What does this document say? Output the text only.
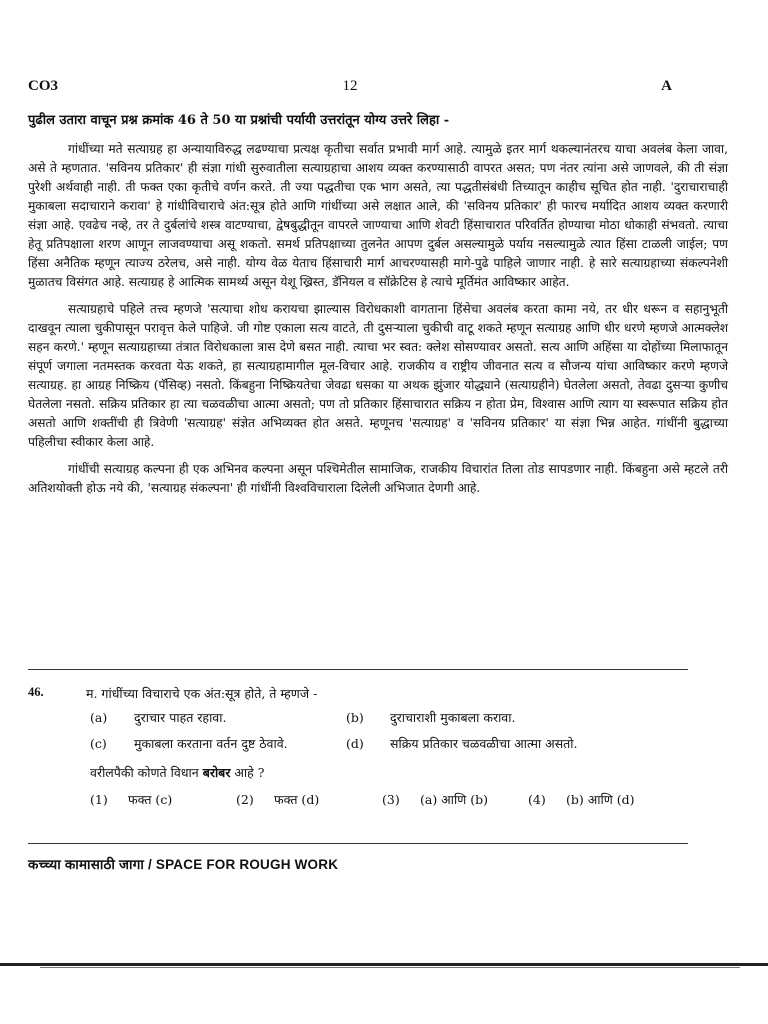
CO3	12	A
पुढील उतारा वाचून प्रश्न क्रमांक 46 ते 50 या प्रश्नांची पर्यायी उत्तरांतून योग्य उत्तरे लिहा -

गांधींच्या मते सत्याग्रह हा अन्यायाविरुद्ध लढण्याचा प्रत्यक्ष कृतीचा सर्वात प्रभावी मार्ग आहे. त्यामुळे इतर मार्ग थकल्यानंतरच याचा अवलंब केला जावा, असे ते म्हणतात. 'सविनय प्रतिकार' ही संज्ञा गांधी सुरुवातीला सत्याग्रहाचा आशय व्यक्त करण्यासाठी वापरत असत; पण नंतर त्यांना असे जाणवले, की ती संज्ञा पुरेशी अर्थवाही नाही. ती फक्त एका कृतीचे वर्णन करते. ती ज्या पद्धतीचा एक भाग असते, त्या पद्धतीसंबंधी तिच्यातून काहीच सूचित होत नाही. 'दुराचाराचाही मुकाबला सदाचाराने करावा' हे गांधीविचाराचे अंत:सूत्र होते आणि गांधींच्या असे लक्षात आले, की 'सविनय प्रतिकार' ही फारच मर्यादित आशय व्यक्त करणारी संज्ञा आहे. एवढेच नव्हे, तर ते दुर्बलांचे शस्त्र वाटण्याचा, द्वेषबुद्धीतून वापरले जाण्याचा आणि शेवटी हिंसाचारात परिवर्तित होण्याचा मोठा धोकाही संभवतो. त्याचा हेतू प्रतिपक्षाला शरण आणून लाजवण्याचा असू शकतो. समर्थ प्रतिपक्षाच्या तुलनेत आपण दुर्बल असल्यामुळे पर्याय नसल्यामुळे त्यात हिंसा टाळली जाईल; पण हिंसा अनैतिक म्हणून त्याज्य ठरेलच, असे नाही. योग्य वेळ येताच हिंसाचारी मार्ग आचरण्यासही मागे-पुढे पाहिले जाणार नाही. हे सारे सत्याग्रहाच्या संकल्पनेशी मुळातच विसंगत आहे. सत्याग्रह हे आत्मिक सामर्थ्य असून येशू ख्रिस्त, डॅनियल व सॉक्रेटिस हे त्याचे मूर्तिमंत आविष्कार आहेत.

सत्याग्रहाचे पहिले तत्त्व म्हणजे 'सत्याचा शोध करायचा झाल्यास विरोधकाशी वागताना हिंसेचा अवलंब करता कामा नये, तर धीर धरून व सहानुभूती दाखवून त्याला चुकीपासून परावृत्त केले पाहिजे. जी गोष्ट एकाला सत्य वाटते, ती दुसऱ्याला चुकीची वाटू शकते म्हणून सत्याग्रह आणि धीर धरणे म्हणजे आत्मक्लेश सहन करणे.' म्हणून सत्याग्रहाच्या तंत्रात विरोधकाला त्रास देणे बसत नाही. त्याचा भर स्वत: क्लेश सोसण्यावर असतो. सत्य आणि अहिंसा या दोहोंच्या मिलाफातून संपूर्ण जगाला नतमस्तक करवता येऊ शकते, हा सत्याग्रहामागील मूल-विचार आहे. राजकीय व राष्ट्रीय जीवनात सत्य व सौजन्य यांचा आविष्कार करणे म्हणजे सत्याग्रह. हा आग्रह निष्क्रिय (पॅसिव्ह) नसतो. किंबहुना निष्क्रियतेचा जेवढा धसका या अथक झुंजार योद्ध्याने (सत्याग्रहीने) घेतलेला असतो, तेवढा दुसऱ्या कुणीच घेतलेला नसतो. सक्रिय प्रतिकार हा त्या चळवळीचा आत्मा असतो; पण तो प्रतिकार हिंसाचारात सक्रिय न होता प्रेम, विश्वास आणि त्याग या स्वरूपात सक्रिय होत असतो आणि शक्तींची ही त्रिवेणी 'सत्याग्रह' संज्ञेत अभिव्यक्त होत असते. म्हणूनच 'सत्याग्रह' व 'सविनय प्रतिकार' या संज्ञा भिन्न आहेत. गांधींनी बुद्धाच्या पहिलीचा स्वीकार केला आहे.

गांधींची सत्याग्रह कल्पना ही एक अभिनव कल्पना असून पश्चिमेतील सामाजिक, राजकीय विचारांत तिला तोड सापडणार नाही. किंबहुना असे म्हटले तरी अतिशयोक्ती होऊ नये की, 'सत्याग्रह संकल्पना' ही गांधींनी विश्वविचाराला दिलेली अभिजात देणगी आहे.

46.	म. गांधींच्या विचाराचे एक अंत:सूत्र होते, ते म्हणजे -
(a) दुराचार पाहत रहावा.	(b) दुराचाराशी मुकाबला करावा.
(c) मुकाबला करताना वर्तन दुष्ट ठेवावे.	(d) सक्रिय प्रतिकार चळवळीचा आत्मा असतो.
वरीलपैकी कोणते विधान बरोबर आहे ?
(1) फक्त (c)	(2) फक्त (d)	(3) (a) आणि (b)	(4) (b) आणि (d)
कच्च्या कामासाठी जागा / SPACE FOR ROUGH WORK
